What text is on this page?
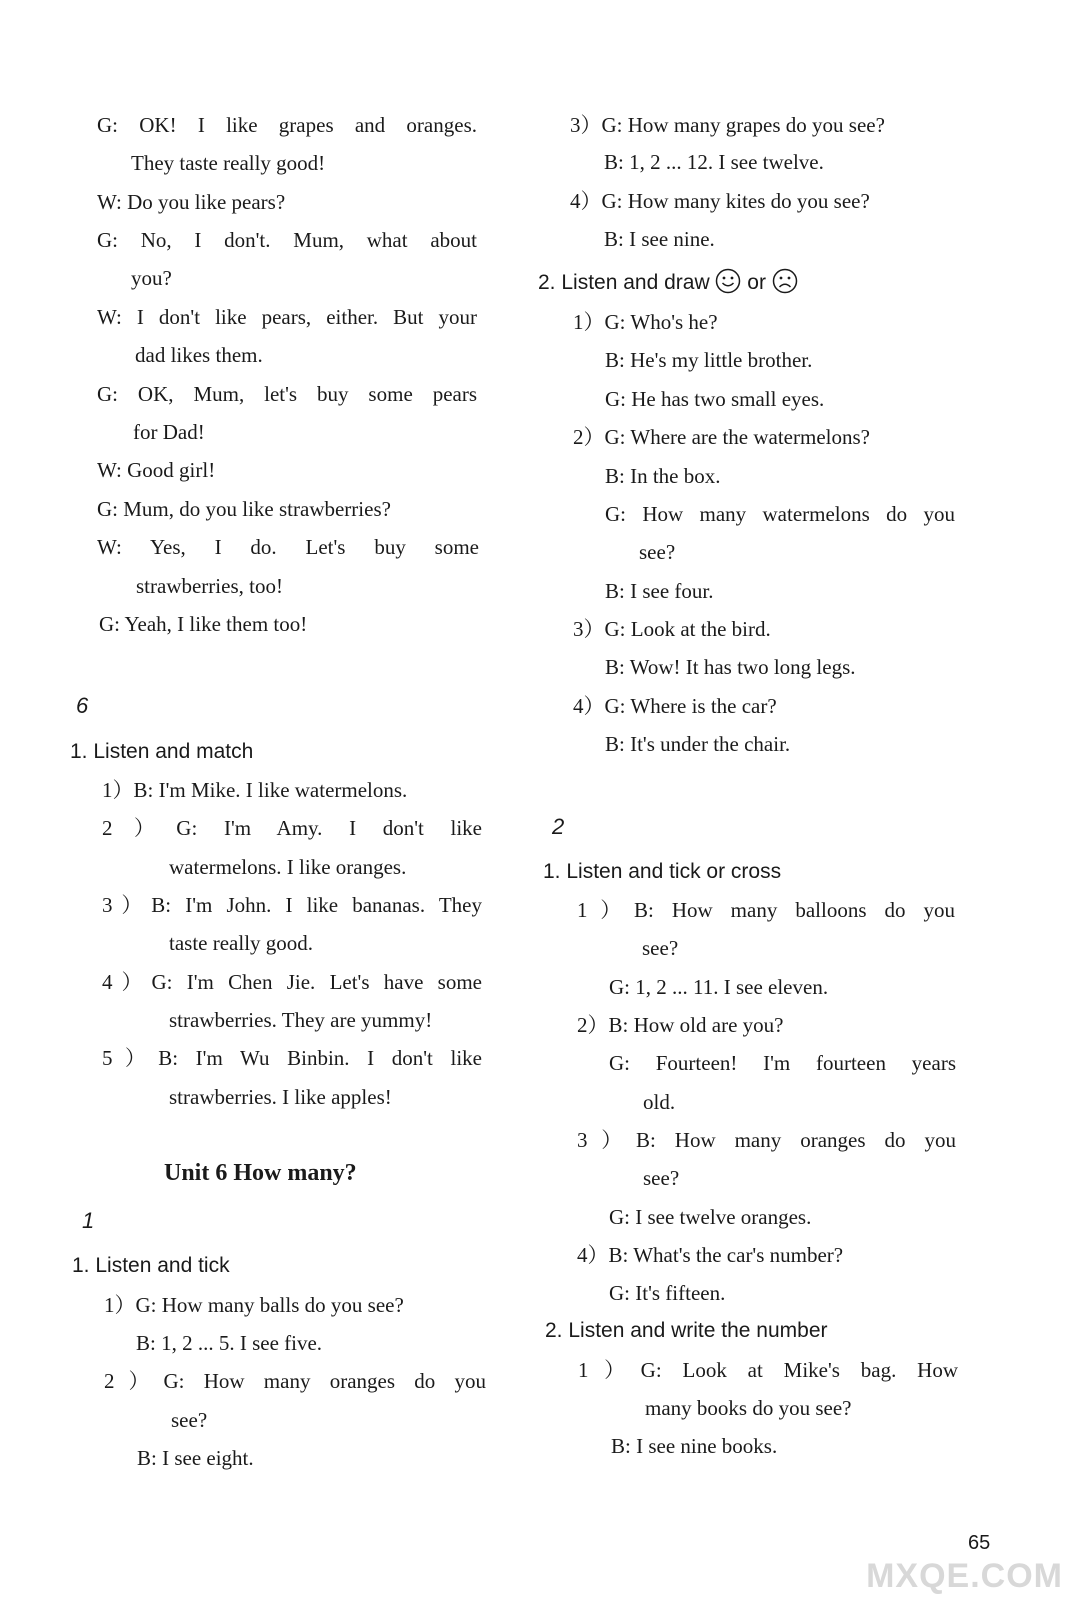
G: OK! I like grapes and oranges.
They taste really good!
W: Do you like pears?
G: No, I don't. Mum, what about
you?
W: I don't like pears, either. But your
dad likes them.
G: OK, Mum, let's buy some pears
for Dad!
W: Good girl!
G: Mum, do you like strawberries?
W: Yes, I do. Let's buy some
strawberries, too!
G: Yeah, I like them too!
6
1. Listen and match
1）B: I'm Mike. I like watermelons.
2）G: I'm Amy. I don't like
watermelons. I like oranges.
3）B: I'm John. I like bananas. They
taste really good.
4）G: I'm Chen Jie. Let's have some
strawberries. They are yummy!
5）B: I'm Wu Binbin. I don't like
strawberries. I like apples!
Unit 6 How many?
1
1. Listen and tick
1）G: How many balls do you see?
B: 1, 2 ... 5. I see five.
2）G: How many oranges do you
see?
B: I see eight.
3）G: How many grapes do you see?
B: 1, 2 ... 12. I see twelve.
4）G: How many kites do you see?
B: I see nine.
2. Listen and draw or
1）G: Who's he?
B: He's my little brother.
G: He has two small eyes.
2）G: Where are the watermelons?
B: In the box.
G: How many watermelons do you
see?
B: I see four.
3）G: Look at the bird.
B: Wow! It has two long legs.
4）G: Where is the car?
B: It's under the chair.
2
1. Listen and tick or cross
1）B: How many balloons do you
see?
G: 1, 2 ... 11. I see eleven.
2）B: How old are you?
G: Fourteen! I'm fourteen years
old.
3）B: How many oranges do you
see?
G: I see twelve oranges.
4）B: What's the car's number?
G: It's fifteen.
2. Listen and write the number
1）G: Look at Mike's bag. How
many books do you see?
B: I see nine books.
MXQE.COM
65
